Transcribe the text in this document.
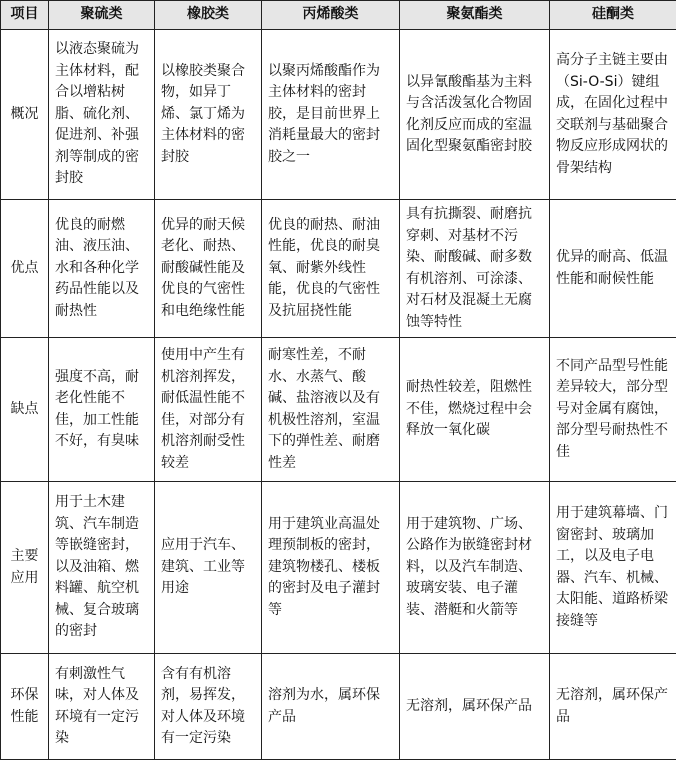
项目	聚硫类	橡胶类	丙烯酸类	聚氨酯类	硅酮类
概况	以液态聚硫为主体材料，配合以增粘树脂、硫化剂、促进剂、补强剂等制成的密封胶	以橡胶类聚合物，如异丁烯、氯丁烯为主体材料的密封胶	以聚丙烯酸酯作为主体材料的密封胶，是目前世界上消耗量最大的密封胶之一	以异氰酸酯基为主料与含活泼氢化合物固化剂反应而成的室温固化型聚氨酯密封胶	高分子主链主要由（Si-O-Si）键组成，在固化过程中交联剂与基础聚合物反应形成网状的骨架结构
优点	优良的耐燃油、液压油、水和各种化学药品性能以及耐热性	优异的耐天候老化、耐热、耐酸碱性能及优良的气密性和电绝缘性能	优良的耐热、耐油性能，优良的耐臭氧、耐紫外线性能，优良的气密性及抗屈挠性能	具有抗撕裂、耐磨抗穿刺、对基材不污染、耐酸碱、耐多数有机溶剂、可涂漆、对石材及混凝土无腐蚀等特性	优异的耐高、低温性能和耐候性能
缺点	强度不高，耐老化性能不佳，加工性能不好，有臭味	使用中产生有机溶剂挥发，耐低温性能不佳，对部分有机溶剂耐受性较差	耐寒性差，不耐水、水蒸气、酸碱、盐溶液以及有机极性溶剂，室温下的弹性差、耐磨性差	耐热性较差，阻燃性不佳，燃烧过程中会释放一氧化碳	不同产品型号性能差异较大，部分型号对金属有腐蚀，部分型号耐热性不佳
主要应用	用于土木建筑、汽车制造等嵌缝密封，以及油箱、燃料罐、航空机械、复合玻璃的密封	应用于汽车、建筑、工业等用途	用于建筑业高温处理预制板的密封，建筑物楼孔、楼板的密封及电子灌封等	用于建筑物、广场、公路作为嵌缝密封材料，以及汽车制造、玻璃安装、电子灌装、潜艇和火箭等	用于建筑幕墙、门窗密封、玻璃加工，以及电子电器、汽车、机械、太阳能、道路桥梁接缝等
环保性能	有刺激性气味，对人体及环境有一定污染	含有有机溶剂，易挥发，对人体及环境有一定污染	溶剂为水，属环保产品	无溶剂，属环保产品	无溶剂，属环保产品
